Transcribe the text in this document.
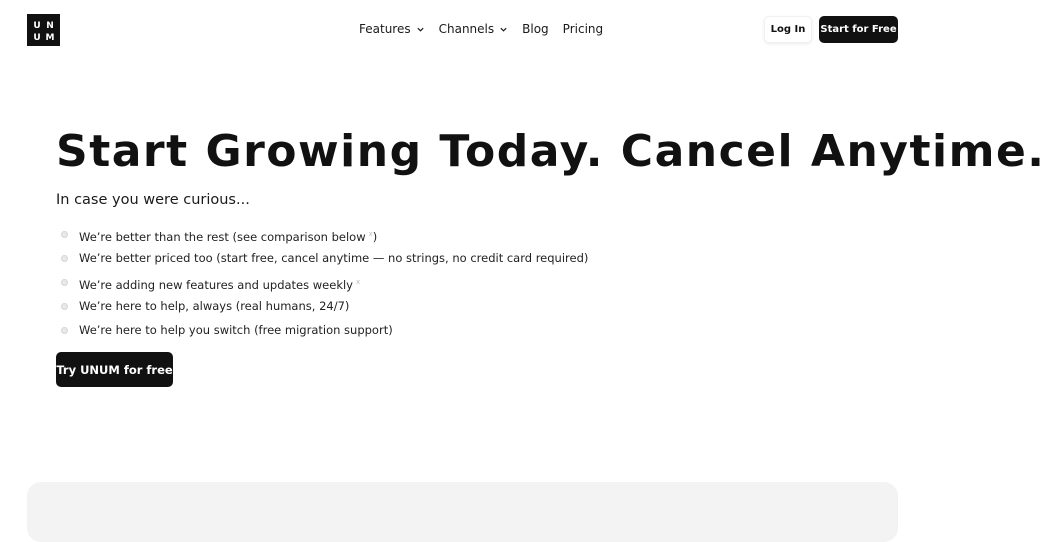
U N
U M
Features Channels Blog Pricing	Log In	Start for Free
Start Growing Today. Cancel Anytime.

In case you were curious...

We’re better than the rest (see comparison below $^x$)
We’re better priced too (start free, cancel anytime — no strings, no credit card required)
We’re adding new features and updates weekly $^x$
We’re here to help, always (real humans, 24/7)
We’re here to help you switch (free migration support)
Try UNUM for free
